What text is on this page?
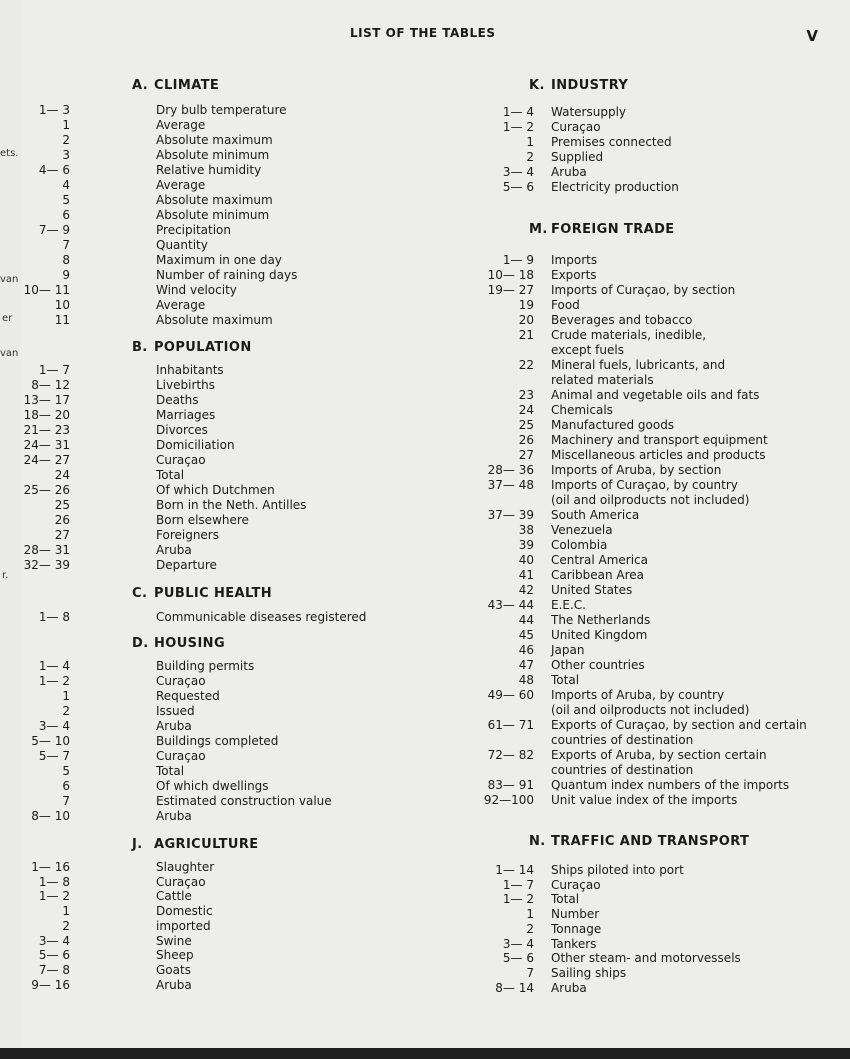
ets.
van
er
van
r.
LIST OF THE TABLES	V
A. CLIMATE
1— 3	Dry bulb temperature
1	Average
2	Absolute maximum
3	Absolute minimum
4— 6	Relative humidity
4	Average
5	Absolute maximum
6	Absolute minimum
7— 9	Precipitation
7	Quantity
8	Maximum in one day
9	Number of raining days
10— 11	Wind velocity
10	Average
11	Absolute maximum
B. POPULATION
1— 7	Inhabitants
8— 12	Livebirths
13— 17	Deaths
18— 20	Marriages
21— 23	Divorces
24— 31	Domiciliation
24— 27	Curaçao
24	Total
25— 26	Of which Dutchmen
25	Born in the Neth. Antilles
26	Born elsewhere
27	Foreigners
28— 31	Aruba
32— 39	Departure
C. PUBLIC HEALTH
1— 8	Communicable diseases registered
D. HOUSING
1— 4	Building permits
1— 2	Curaçao
1	Requested
2	Issued
3— 4	Aruba
5— 10	Buildings completed
5— 7	Curaçao
5	Total
6	Of which dwellings
7	Estimated construction value
8— 10	Aruba
J. AGRICULTURE
1— 16	Slaughter
1— 8	Curaçao
1— 2	Cattle
1	Domestic
2	imported
3— 4	Swine
5— 6	Sheep
7— 8	Goats
9— 16	Aruba
K. INDUSTRY
1— 4 Watersupply
1— 2 Curaçao
1 Premises connected
2 Supplied
3— 4 Aruba
5— 6 Electricity production
M. FOREIGN TRADE
1— 9 Imports
10— 18 Exports
19— 27 Imports of Curaçao, by section
19 Food
20 Beverages and tobacco
21 Crude materials, inedible,
except fuels
22 Mineral fuels, lubricants, and
related materials
23 Animal and vegetable oils and fats
24 Chemicals
25 Manufactured goods
26 Machinery and transport equipment
27 Miscellaneous articles and products
28— 36 Imports of Aruba, by section
37— 48 Imports of Curaçao, by country
(oil and oilproducts not included)
37— 39 South America
38 Venezuela
39 Colombia
40 Central America
41 Caribbean Area
42 United States
43— 44 E.E.C.
44 The Netherlands
45 United Kingdom
46 Japan
47 Other countries
48 Total
49— 60 Imports of Aruba, by country
(oil and oilproducts not included)
61— 71 Exports of Curaçao, by section and certain
countries of destination
72— 82 Exports of Aruba, by section certain
countries of destination
83— 91 Quantum index numbers of the imports
92—100 Unit value index of the imports
N. TRAFFIC AND TRANSPORT
1— 14 Ships piloted into port
1— 7 Curaçao
1— 2 Total
1 Number
2 Tonnage
3— 4 Tankers
5— 6 Other steam- and motorvessels
7 Sailing ships
8— 14 Aruba
